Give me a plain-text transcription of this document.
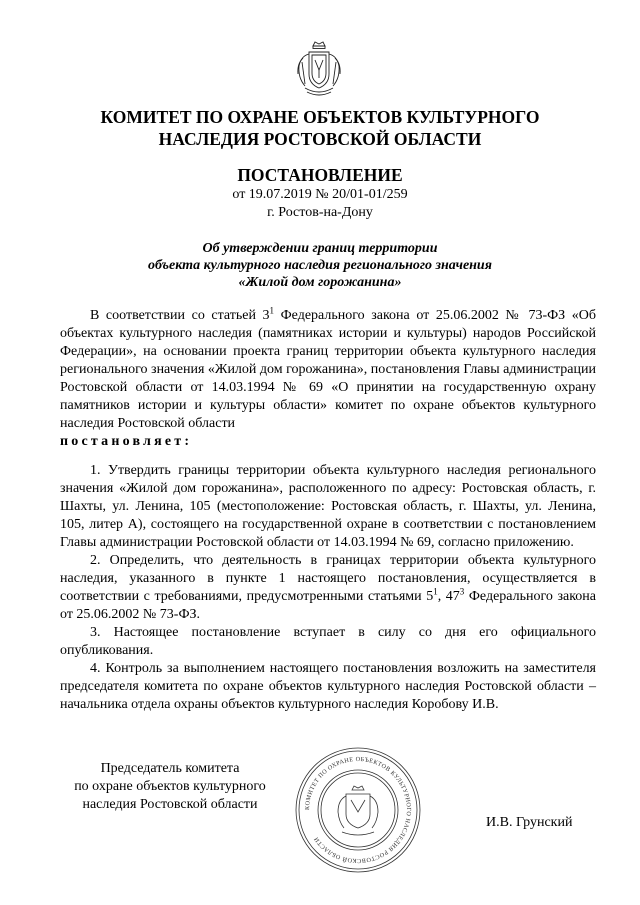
КОМИТЕТ ПО ОХРАНЕ ОБЪЕКТОВ КУЛЬТУРНОГО
НАСЛЕДИЯ РОСТОВСКОЙ ОБЛАСТИ
ПОСТАНОВЛЕНИЕ
от 19.07.2019 № 20/01-01/259
г. Ростов-на-Дону
Об утверждении границ территории
объекта культурного наследия регионального значения
«Жилой дом горожанина»

В соответствии со статьей $3^1$ Федерального закона от 25.06.2002 № 73-ФЗ «Об объектах культурного наследия (памятниках истории и культуры) народов Российской Федерации», на основании проекта границ территории объекта культурного наследия регионального значения «Жилой дом горожанина», постановления Главы администрации Ростовской области от 14.03.1994 № 69 «О принятии на государственную охрану памятников истории и культуры области» комитет по охране объектов культурного наследия Ростовской области

постановляет:

1. Утвердить границы территории объекта культурного наследия регионального значения «Жилой дом горожанина», расположенного по адресу: Ростовская область, г. Шахты, ул. Ленина, 105 (местоположение: Ростовская область, г. Шахты, ул. Ленина, 105, литер А), состоящего на государственной охране в соответствии с постановлением Главы администрации Ростовской области от 14.03.1994 № 69, согласно приложению.

2. Определить, что деятельность в границах территории объекта культурного наследия, указанного в пункте 1 настоящего постановления, осуществляется в соответствии с требованиями, предусмотренными статьями $5^1$, $47^3$ Федерального закона от 25.06.2002 № 73-ФЗ.

3. Настоящее постановление вступает в силу со дня его официального опубликования.

4. Контроль за выполнением настоящего постановления возложить на заместителя председателя комитета по охране объектов культурного наследия Ростовской области – начальника отдела охраны объектов культурного наследия Коробову И.В.

КОМИТЕТ ПО ОХРАНЕ ОБЪЕКТОВ КУЛЬТУРНОГО НАСЛЕДИЯ РОСТОВСКОЙ ОБЛАСТИ
Председатель комитета
по охране объектов культурного
наследия Ростовской области
И.В. Грунский
